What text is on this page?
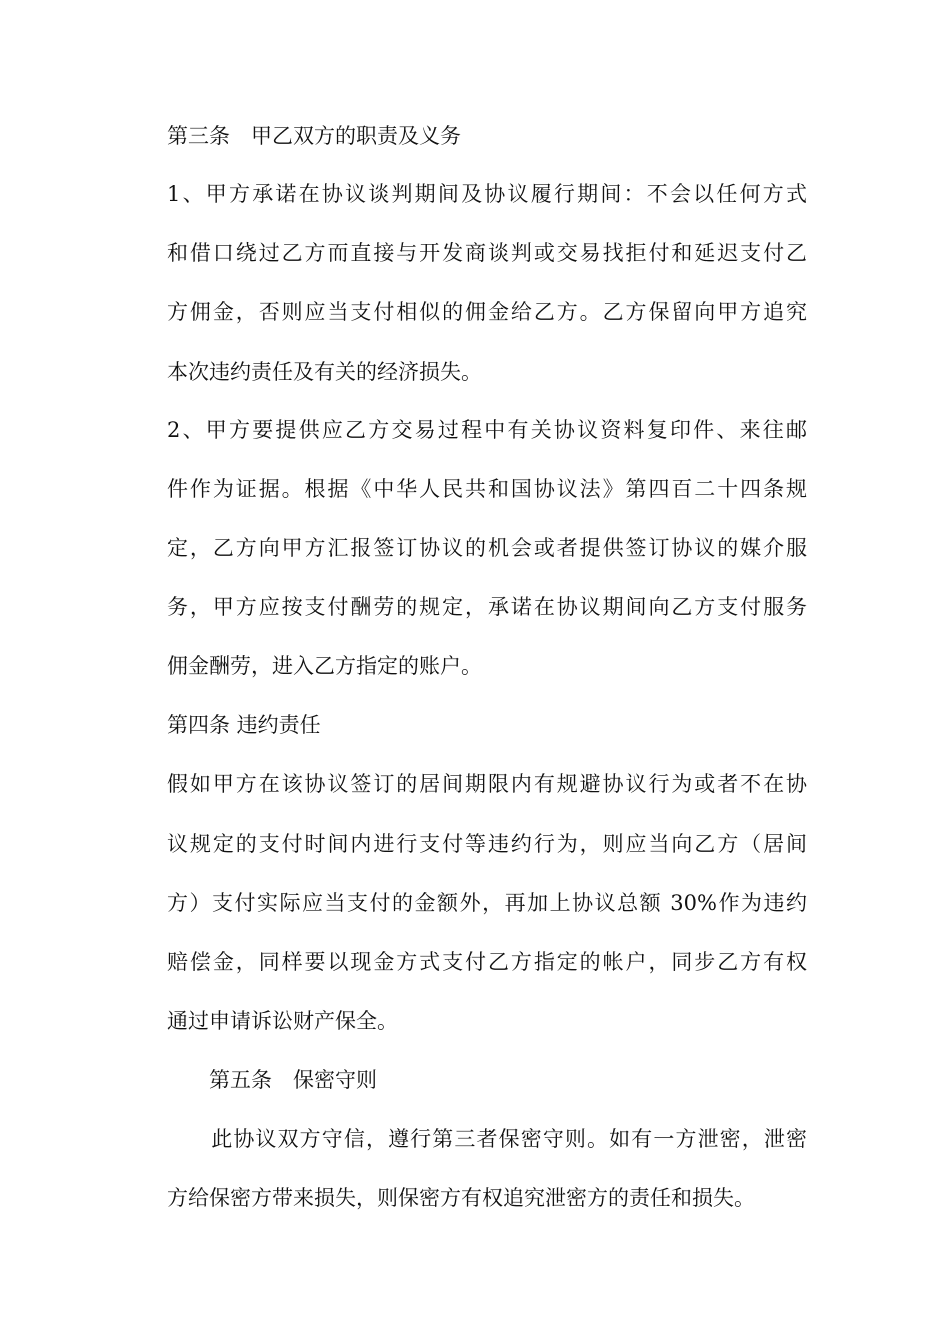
第三条　甲乙双方的职责及义务
1、甲方承诺在协议谈判期间及协议履行期间：不会以任何方式
和借口绕过乙方而直接与开发商谈判或交易找拒付和延迟支付乙
方佣金，否则应当支付相似的佣金给乙方。乙方保留向甲方追究
本次违约责任及有关的经济损失。
2、甲方要提供应乙方交易过程中有关协议资料复印件、来往邮
件作为证据。根据《中华人民共和国协议法》第四百二十四条规
定，乙方向甲方汇报签订协议的机会或者提供签订协议的媒介服
务，甲方应按支付酬劳的规定，承诺在协议期间向乙方支付服务
佣金酬劳，进入乙方指定的账户。
第四条 违约责任
假如甲方在该协议签订的居间期限内有规避协议行为或者不在协
议规定的支付时间内进行支付等违约行为，则应当向乙方（居间
方）支付实际应当支付的金额外，再加上协议总额 30%作为违约
赔偿金，同样要以现金方式支付乙方指定的帐户，同步乙方有权
通过申请诉讼财产保全。
　　第五条　保密守则
　　此协议双方守信，遵行第三者保密守则。如有一方泄密，泄密
方给保密方带来损失，则保密方有权追究泄密方的责任和损失。
